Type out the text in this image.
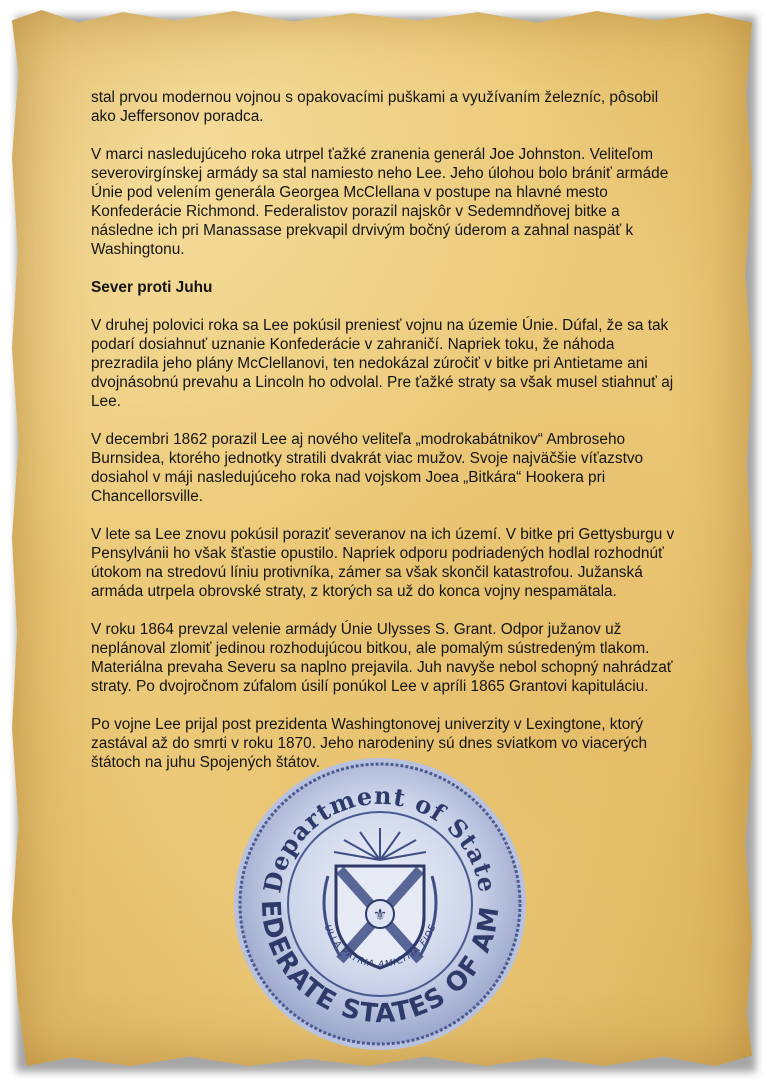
stal prvou modernou vojnou s opakovacími puškami a využívaním železníc, pôsobil ako Jeffersonov poradca.

V marci nasledujúceho roka utrpel ťažké zranenia generál Joe Johnston. Veliteľom severovirgínskej armády sa stal namiesto neho Lee. Jeho úlohou bolo brániť armáde Únie pod velením generála Georgea McClellana v postupe na hlavné mesto Konfederácie Richmond. Federalistov porazil najskôr v Sedemndňovej bitke a následne ich pri Manassase prekvapil drvivým bočný úderom a zahnal naspäť k Washingtonu.

Sever proti Juhu

V druhej polovici roka sa Lee pokúsil preniesť vojnu na územie Únie. Dúfal, že sa tak podarí dosiahnuť uznanie Konfederácie v zahraničí. Napriek toku, že náhoda prezradila jeho plány McClellanovi, ten nedokázal zúročiť v bitke pri Antietame ani dvojnásobnú prevahu a Lincoln ho odvolal. Pre ťažké straty sa však musel stiahnuť aj Lee.

V decembri 1862 porazil Lee aj nového veliteľa „modrokabátnikov“ Ambroseho Burnsidea, ktorého jednotky stratili dvakrát viac mužov. Svoje najväčšie víťazstvo dosiahol v máji nasledujúceho roka nad vojskom Joea „Bitkára“ Hookera pri Chancellorsville.

V lete sa Lee znovu pokúsil poraziť severanov na ich území. V bitke pri Gettysburgu v Pensylvánii ho však šťastie opustilo. Napriek odporu podriadených hodlal rozhodnúť útokom na stredovú líniu protivníka, zámer sa však skončil katastrofou. Južanská armáda utrpela obrovské straty, z ktorých sa už do konca vojny nespamätala.

V roku 1864 prevzal velenie armády Únie Ulysses S. Grant. Odpor južanov už neplánoval zlomiť jedinou rozhodujúcou bitkou, ale pomalým sústredeným tlakom. Materiálna prevaha Severu sa naplno prejavila. Juh navyše nebol schopný nahrádzať straty. Po dvojročnom zúfalom úsilí ponúkol Lee v apríli 1865 Grantovi kapituláciu.

Po vojne Lee prijal post prezidenta Washingtonovej univerzity v Lexingtone, ktorý zastával až do smrti v roku 1870. Jeho narodeniny sú dnes sviatkom vo viacerých štátoch na juhu Spojených štátov.

Department of State
EDERATE STATES OF AM
⚜
ULLA PATRIA AMICITIA FIDE
